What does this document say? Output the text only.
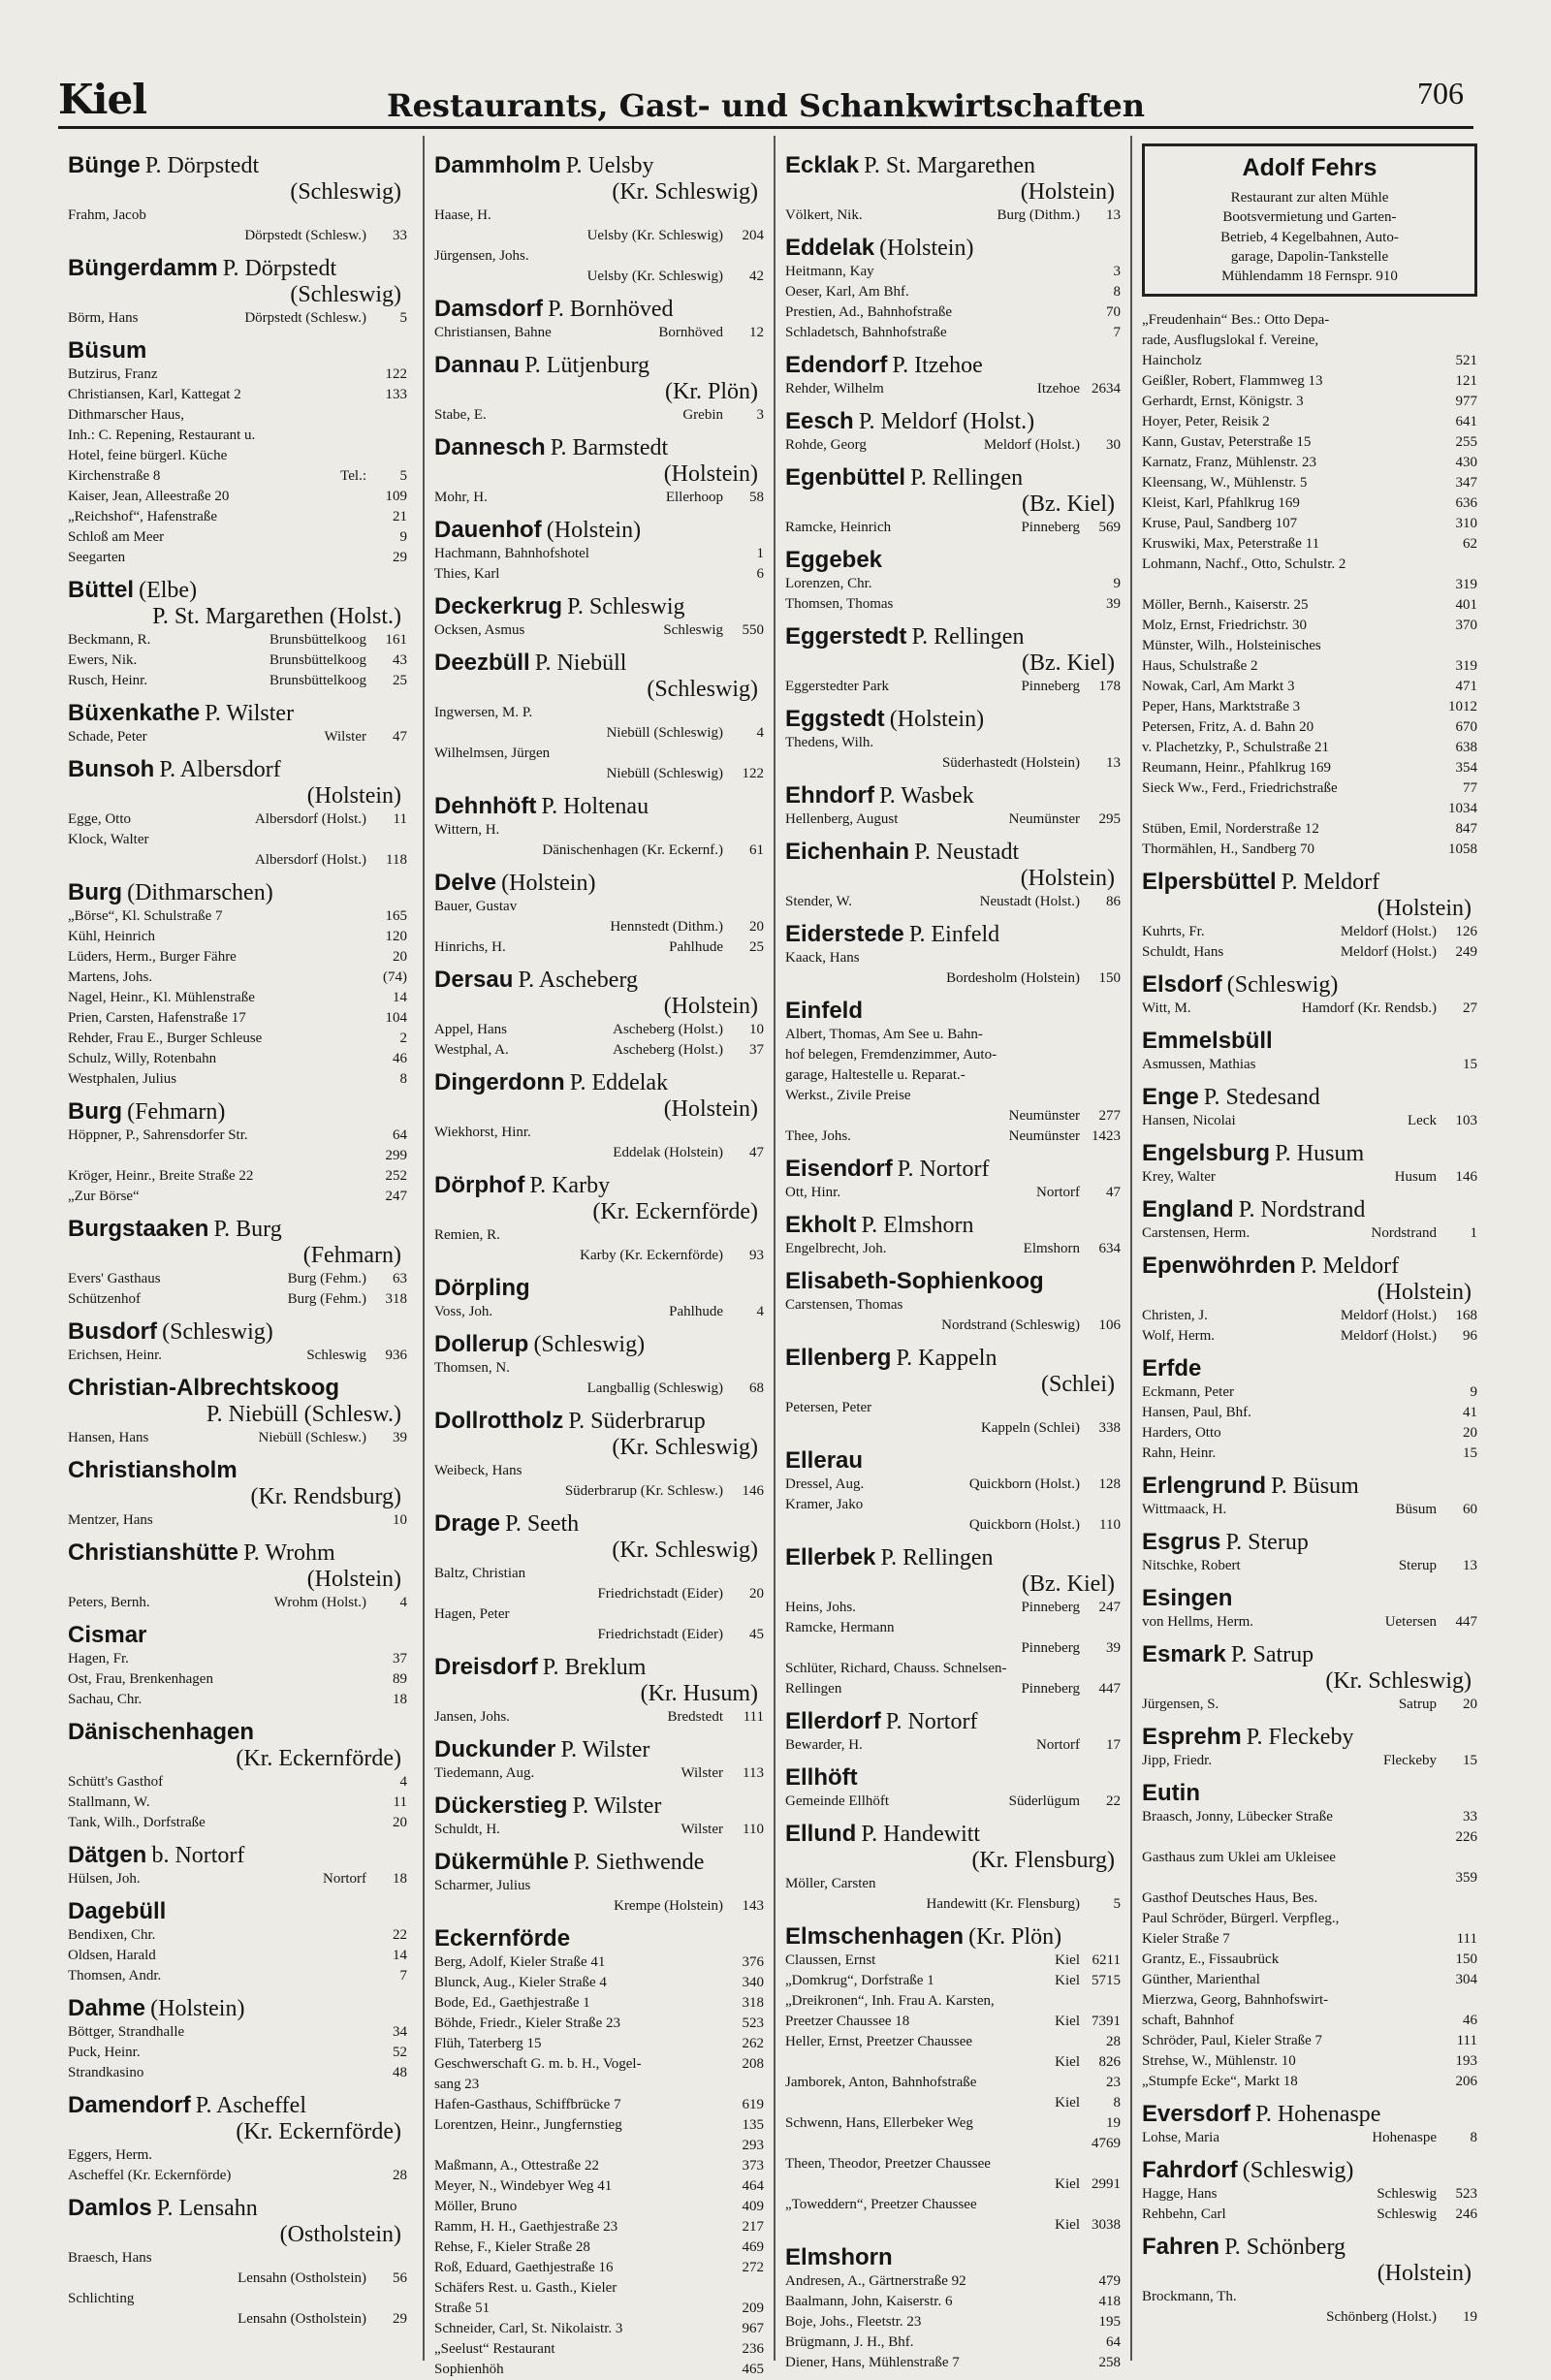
Kiel	Restaurants, Gast- und Schankwirtschaften	706
Bünge P. Dörpstedt
(Schleswig)
Frahm, Jacob
Dörpstedt (Schlesw.)	33
Büngerdamm P. Dörpstedt
(Schleswig)
Börm, Hans	Dörpstedt (Schlesw.)	5
Büsum
Butzirus, Franz	122
Christiansen, Karl, Kattegat 2	133
Dithmarscher Haus,
Inh.: C. Repening, Restaurant u.
Hotel, feine bürgerl. Küche
Kirchenstraße 8	Tel.:	5
Kaiser, Jean, Alleestraße 20	109
„Reichshof“, Hafenstraße	21
Schloß am Meer	9
Seegarten	29
Büttel (Elbe)
P. St. Margarethen (Holst.)
Beckmann, R.	Brunsbüttelkoog	161
Ewers, Nik.	Brunsbüttelkoog	43
Rusch, Heinr.	Brunsbüttelkoog	25
Büxenkathe P. Wilster
Schade, Peter	Wilster	47
Bunsoh P. Albersdorf
(Holstein)
Egge, Otto	Albersdorf (Holst.)	11
Klock, Walter
Albersdorf (Holst.)	118
Burg (Dithmarschen)
„Börse“, Kl. Schulstraße 7	165
Kühl, Heinrich	120
Lüders, Herm., Burger Fähre	20
Martens, Johs.	(74)
Nagel, Heinr., Kl. Mühlenstraße	14
Prien, Carsten, Hafenstraße 17	104
Rehder, Frau E., Burger Schleuse	2
Schulz, Willy, Rotenbahn	46
Westphalen, Julius	8
Burg (Fehmarn)
Höppner, P., Sahrensdorfer Str.	64
299
Kröger, Heinr., Breite Straße 22	252
„Zur Börse“	247
Burgstaaken P. Burg
(Fehmarn)
Evers' Gasthaus	Burg (Fehm.)	63
Schützenhof	Burg (Fehm.)	318
Busdorf (Schleswig)
Erichsen, Heinr.	Schleswig	936
Christian-Albrechtskoog
P. Niebüll (Schlesw.)
Hansen, Hans	Niebüll (Schlesw.)	39
Christiansholm
(Kr. Rendsburg)
Mentzer, Hans	10
Christianshütte P. Wrohm
(Holstein)
Peters, Bernh.	Wrohm (Holst.)	4
Cismar
Hagen, Fr.	37
Ost, Frau, Brenkenhagen	89
Sachau, Chr.	18
Dänischenhagen
(Kr. Eckernförde)
Schütt's Gasthof	4
Stallmann, W.	11
Tank, Wilh., Dorfstraße	20
Dätgen b. Nortorf
Hülsen, Joh.	Nortorf	18
Dagebüll
Bendixen, Chr.	22
Oldsen, Harald	14
Thomsen, Andr.	7
Dahme (Holstein)
Böttger, Strandhalle	34
Puck, Heinr.	52
Strandkasino	48
Damendorf P. Ascheffel
(Kr. Eckernförde)
Eggers, Herm.
Ascheffel (Kr. Eckernförde)	28
Damlos P. Lensahn
(Ostholstein)
Braesch, Hans
Lensahn (Ostholstein)	56
Schlichting
Lensahn (Ostholstein)	29
Dammholm P. Uelsby
(Kr. Schleswig)
Haase, H.
Uelsby (Kr. Schleswig)	204
Jürgensen, Johs.
Uelsby (Kr. Schleswig)	42
Damsdorf P. Bornhöved
Christiansen, Bahne	Bornhöved	12
Dannau P. Lütjenburg
(Kr. Plön)
Stabe, E.	Grebin	3
Dannesch P. Barmstedt
(Holstein)
Mohr, H.	Ellerhoop	58
Dauenhof (Holstein)
Hachmann, Bahnhofshotel	1
Thies, Karl	6
Deckerkrug P. Schleswig
Ocksen, Asmus	Schleswig	550
Deezbüll P. Niebüll
(Schleswig)
Ingwersen, M. P.
Niebüll (Schleswig)	4
Wilhelmsen, Jürgen
Niebüll (Schleswig)	122
Dehnhöft P. Holtenau
Wittern, H.
Dänischenhagen (Kr. Eckernf.)	61
Delve (Holstein)
Bauer, Gustav
Hennstedt (Dithm.)	20
Hinrichs, H.	Pahlhude	25
Dersau P. Ascheberg
(Holstein)
Appel, Hans	Ascheberg (Holst.)	10
Westphal, A.	Ascheberg (Holst.)	37
Dingerdonn P. Eddelak
(Holstein)
Wiekhorst, Hinr.
Eddelak (Holstein)	47
Dörphof P. Karby
(Kr. Eckernförde)
Remien, R.
Karby (Kr. Eckernförde)	93
Dörpling
Voss, Joh.	Pahlhude	4
Dollerup (Schleswig)
Thomsen, N.
Langballig (Schleswig)	68
Dollrottholz P. Süderbrarup
(Kr. Schleswig)
Weibeck, Hans
Süderbrarup (Kr. Schlesw.)	146
Drage P. Seeth
(Kr. Schleswig)
Baltz, Christian
Friedrichstadt (Eider)	20
Hagen, Peter
Friedrichstadt (Eider)	45
Dreisdorf P. Breklum
(Kr. Husum)
Jansen, Johs.	Bredstedt	111
Duckunder P. Wilster
Tiedemann, Aug.	Wilster	113
Dückerstieg P. Wilster
Schuldt, H.	Wilster	110
Dükermühle P. Siethwende
Scharmer, Julius
Krempe (Holstein)	143
Eckernförde
Berg, Adolf, Kieler Straße 41	376
Blunck, Aug., Kieler Straße 4	340
Bode, Ed., Gaethjestraße 1	318
Böhde, Friedr., Kieler Straße 23	523
Flüh, Taterberg 15	262
Geschwerschaft G. m. b. H., Vogel-	208
sang 23
Hafen-Gasthaus, Schiffbrücke 7	619
Lorentzen, Heinr., Jungfernstieg	135
293
Maßmann, A., Ottestraße 22	373
Meyer, N., Windebyer Weg 41	464
Möller, Bruno	409
Ramm, H. H., Gaethjestraße 23	217
Rehse, F., Kieler Straße 28	469
Roß, Eduard, Gaethjestraße 16	272
Schäfers Rest. u. Gasth., Kieler
Straße 51	209
Schneider, Carl, St. Nikolaistr. 3	967
„Seelust“ Restaurant	236
Sophienhöh	465
Ecklak P. St. Margarethen
(Holstein)
Völkert, Nik.	Burg (Dithm.)	13
Eddelak (Holstein)
Heitmann, Kay	3
Oeser, Karl, Am Bhf.	8
Prestien, Ad., Bahnhofstraße	70
Schladetsch, Bahnhofstraße	7
Edendorf P. Itzehoe
Rehder, Wilhelm	Itzehoe 2634
Eesch P. Meldorf (Holst.)
Rohde, Georg	Meldorf (Holst.)	30
Egenbüttel P. Rellingen
(Bz. Kiel)
Ramcke, Heinrich	Pinneberg	569
Eggebek
Lorenzen, Chr.	9
Thomsen, Thomas	39
Eggerstedt P. Rellingen
(Bz. Kiel)
Eggerstedter Park	Pinneberg	178
Eggstedt (Holstein)
Thedens, Wilh.
Süderhastedt (Holstein)	13
Ehndorf P. Wasbek
Hellenberg, August	Neumünster	295
Eichenhain P. Neustadt
(Holstein)
Stender, W.	Neustadt (Holst.)	86
Eiderstede P. Einfeld
Kaack, Hans
Bordesholm (Holstein)	150
Einfeld
Albert, Thomas, Am See u. Bahn-
hof belegen, Fremdenzimmer, Auto-
garage, Haltestelle u. Reparat.-
Werkst., Zivile Preise
Neumünster	277
Thee, Johs.	Neumünster 1423
Eisendorf P. Nortorf
Ott, Hinr.	Nortorf	47
Ekholt P. Elmshorn
Engelbrecht, Joh.	Elmshorn	634
Elisabeth-Sophienkoog
Carstensen, Thomas
Nordstrand (Schleswig)	106
Ellenberg P. Kappeln
(Schlei)
Petersen, Peter
Kappeln (Schlei)	338
Ellerau
Dressel, Aug.	Quickborn (Holst.)	128
Kramer, Jako
Quickborn (Holst.)	110
Ellerbek P. Rellingen
(Bz. Kiel)
Heins, Johs.	Pinneberg	247
Ramcke, Hermann
Pinneberg	39
Schlüter, Richard, Chauss. Schnelsen-
Rellingen	Pinneberg	447
Ellerdorf P. Nortorf
Bewarder, H.	Nortorf	17
Ellhöft
Gemeinde Ellhöft	Süderlügum	22
Ellund P. Handewitt
(Kr. Flensburg)
Möller, Carsten
Handewitt (Kr. Flensburg)	5
Elmschenhagen (Kr. Plön)
Claussen, Ernst	Kiel 6211
„Domkrug“, Dorfstraße 1	Kiel 5715
„Dreikronen“, Inh. Frau A. Karsten,
Preetzer Chaussee 18	Kiel 7391
Heller, Ernst, Preetzer Chaussee	28
Kiel	826
Jamborek, Anton, Bahnhofstraße	23
Kiel	8
Schwenn, Hans, Ellerbeker Weg	19
4769
Theen, Theodor, Preetzer Chaussee
Kiel 2991
„Toweddern“, Preetzer Chaussee
Kiel 3038
Elmshorn
Andresen, A., Gärtnerstraße 92	479
Baalmann, John, Kaiserstr. 6	418
Boje, Johs., Fleetstr. 23	195
Brügmann, J. H., Bhf.	64
Diener, Hans, Mühlenstraße 7	258
Adolf Fehrs
Restaurant zur alten Mühle
Bootsvermietung und Garten-
Betrieb, 4 Kegelbahnen, Auto-
garage, Dapolin-Tankstelle
Mühlendamm 18 Fernspr. 910
„Freudenhain“ Bes.: Otto Depa-
rade, Ausflugslokal f. Vereine,
Haincholz	521
Geißler, Robert, Flammweg 13	121
Gerhardt, Ernst, Königstr. 3	977
Hoyer, Peter, Reisik 2	641
Kann, Gustav, Peterstraße 15	255
Karnatz, Franz, Mühlenstr. 23	430
Kleensang, W., Mühlenstr. 5	347
Kleist, Karl, Pfahlkrug 169	636
Kruse, Paul, Sandberg 107	310
Kruswiki, Max, Peterstraße 11	62
Lohmann, Nachf., Otto, Schulstr. 2
319
Möller, Bernh., Kaiserstr. 25	401
Molz, Ernst, Friedrichstr. 30	370
Münster, Wilh., Holsteinisches
Haus, Schulstraße 2	319
Nowak, Carl, Am Markt 3	471
Peper, Hans, Marktstraße 3	1012
Petersen, Fritz, A. d. Bahn 20	670
v. Plachetzky, P., Schulstraße 21	638
Reumann, Heinr., Pfahlkrug 169	354
Sieck Ww., Ferd., Friedrichstraße	77
1034
Stüben, Emil, Norderstraße 12	847
Thormählen, H., Sandberg 70	1058
Elpersbüttel P. Meldorf
(Holstein)
Kuhrts, Fr.	Meldorf (Holst.)	126
Schuldt, Hans	Meldorf (Holst.)	249
Elsdorf (Schleswig)
Witt, M.	Hamdorf (Kr. Rendsb.)	27
Emmelsbüll
Asmussen, Mathias	15
Enge P. Stedesand
Hansen, Nicolai	Leck	103
Engelsburg P. Husum
Krey, Walter	Husum	146
England P. Nordstrand
Carstensen, Herm.	Nordstrand	1
Epenwöhrden P. Meldorf
(Holstein)
Christen, J.	Meldorf (Holst.)	168
Wolf, Herm.	Meldorf (Holst.)	96
Erfde
Eckmann, Peter	9
Hansen, Paul, Bhf.	41
Harders, Otto	20
Rahn, Heinr.	15
Erlengrund P. Büsum
Wittmaack, H.	Büsum	60
Esgrus P. Sterup
Nitschke, Robert	Sterup	13
Esingen
von Hellms, Herm.	Uetersen	447
Esmark P. Satrup
(Kr. Schleswig)
Jürgensen, S.	Satrup	20
Esprehm P. Fleckeby
Jipp, Friedr.	Fleckeby	15
Eutin
Braasch, Jonny, Lübecker Straße	33
226
Gasthaus zum Uklei am Ukleisee
359
Gasthof Deutsches Haus, Bes.
Paul Schröder, Bürgerl. Verpfleg.,
Kieler Straße 7	111
Grantz, E., Fissaubrück	150
Günther, Marienthal	304
Mierzwa, Georg, Bahnhofswirt-
schaft, Bahnhof	46
Schröder, Paul, Kieler Straße 7	111
Strehse, W., Mühlenstr. 10	193
„Stumpfe Ecke“, Markt 18	206
Eversdorf P. Hohenaspe
Lohse, Maria	Hohenaspe	8
Fahrdorf (Schleswig)
Hagge, Hans	Schleswig	523
Rehbehn, Carl	Schleswig	246
Fahren P. Schönberg
(Holstein)
Brockmann, Th.
Schönberg (Holst.)	19
